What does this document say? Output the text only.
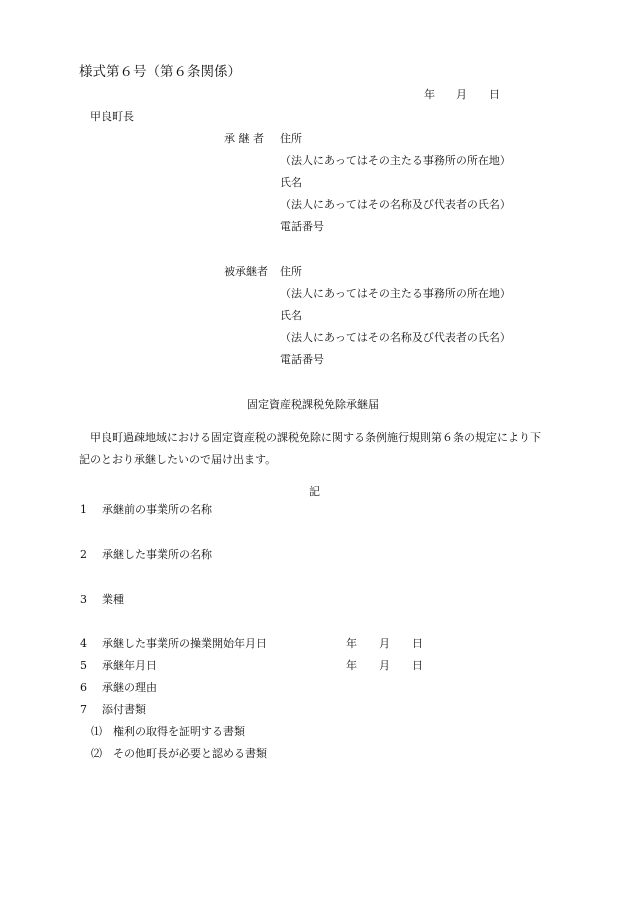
様式第６号（第６条関係）
年 月 日
甲良町長
承 継 者 住所
（法人にあってはその主たる事務所の所在地）
氏名
（法人にあってはその名称及び代表者の氏名）
電話番号
被承継者 住所
（法人にあってはその主たる事務所の所在地）
氏名
（法人にあってはその名称及び代表者の氏名）
電話番号
固定資産税課税免除承継届
甲良町過疎地域における固定資産税の課税免除に関する条例施行規則第６条の規定により下
記のとおり承継したいので届け出ます。
記
1 承継前の事業所の名称
2 承継した事業所の名称
3 業種
4 承継した事業所の操業開始年月日	年 月 日
5 承継年月日	年 月 日
6 承継の理由
7 添付書類
⑴ 権利の取得を証明する書類
⑵ その他町長が必要と認める書類
